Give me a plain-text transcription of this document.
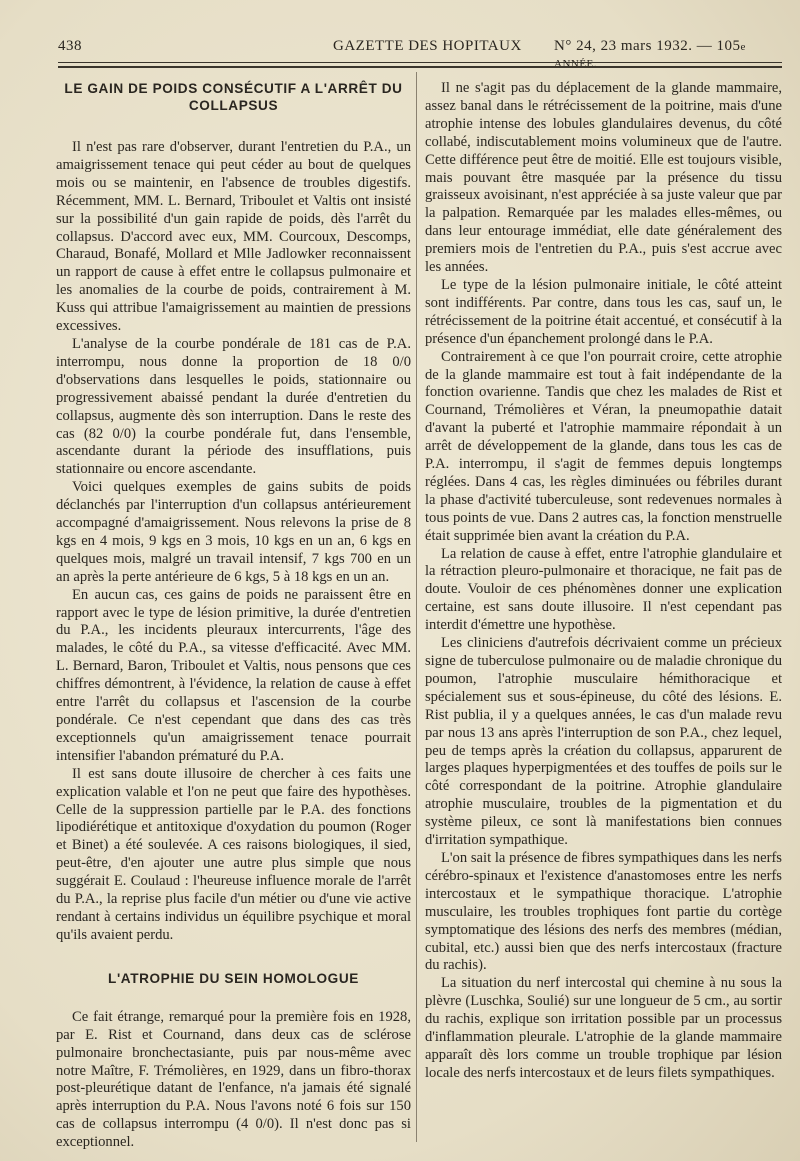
438	GAZETTE DES HOPITAUX N° 24, 23 mars 1932. — 105e ANNÉE.
LE GAIN DE POIDS CONSÉCUTIF A L'ARRÊT DU COLLAPSUS

Il n'est pas rare d'observer, durant l'entretien du P.A., un amaigrissement tenace qui peut céder au bout de quelques mois ou se maintenir, en l'absence de troubles digestifs. Récemment, MM. L. Bernard, Triboulet et Valtis ont insisté sur la possibilité d'un gain rapide de poids, dès l'arrêt du collapsus. D'accord avec eux, MM. Courcoux, Descomps, Charaud, Bonafé, Mollard et Mlle Jadlowker reconnaissent un rapport de cause à effet entre le collapsus pulmonaire et les anomalies de la courbe de poids, contrairement à M. Kuss qui attribue l'amaigrissement au maintien de pressions excessives.

L'analyse de la courbe pondérale de 181 cas de P.A. interrompu, nous donne la proportion de 18 0/0 d'observations dans lesquelles le poids, stationnaire ou progressivement abaissé pendant la durée d'entretien du collapsus, augmente dès son interruption. Dans le reste des cas (82 0/0) la courbe pondérale fut, dans l'ensemble, ascendante durant la période des insufflations, puis stationnaire ou encore ascendante.

Voici quelques exemples de gains subits de poids déclanchés par l'interruption d'un collapsus antérieurement accompagné d'amaigrissement. Nous relevons la prise de 8 kgs en 4 mois, 9 kgs en 3 mois, 10 kgs en un an, 6 kgs en quelques mois, malgré un travail intensif, 7 kgs 700 en un an après la perte antérieure de 6 kgs, 5 à 18 kgs en un an.

En aucun cas, ces gains de poids ne paraissent être en rapport avec le type de lésion primitive, la durée d'entretien du P.A., les incidents pleuraux intercurrents, l'âge des malades, le côté du P.A., sa vitesse d'efficacité. Avec MM. L. Bernard, Baron, Triboulet et Valtis, nous pensons que ces chiffres démontrent, à l'évidence, la relation de cause à effet entre l'arrêt du collapsus et l'ascension de la courbe pondérale. Ce n'est cependant que dans des cas très exceptionnels qu'un amaigrissement tenace pourrait intensifier l'abandon prématuré du P.A.

Il est sans doute illusoire de chercher à ces faits une explication valable et l'on ne peut que faire des hypothèses. Celle de la suppression partielle par le P.A. des fonctions lipodiérétique et antitoxique d'oxydation du poumon (Roger et Binet) a été soulevée. A ces raisons biologiques, il sied, peut-être, d'en ajouter une autre plus simple que nous suggérait E. Coulaud : l'heureuse influence morale de l'arrêt du P.A., la reprise plus facile d'un métier ou d'une vie active rendant à certains individus un équilibre psychique et moral qu'ils avaient perdu.

L'ATROPHIE DU SEIN HOMOLOGUE

Ce fait étrange, remarqué pour la première fois en 1928, par E. Rist et Cournand, dans deux cas de sclérose pulmonaire bronchectasiante, puis par nous-même avec notre Maître, F. Trémolières, en 1929, dans un fibro-thorax post-pleurétique datant de l'enfance, n'a jamais été signalé après interruption du P.A. Nous l'avons noté 6 fois sur 150 cas de collapsus interrompu (4 0/0). Il n'est donc pas si exceptionnel.

Il ne s'agit pas du déplacement de la glande mammaire, assez banal dans le rétrécissement de la poitrine, mais d'une atrophie intense des lobules glandulaires devenus, du côté collabé, indiscutablement moins volumineux que de l'autre. Cette différence peut être de moitié. Elle est toujours visible, mais pouvant être masquée par la présence du tissu graisseux avoisinant, n'est appréciée à sa juste valeur que par la palpation. Remarquée par les malades elles-mêmes, ou dans leur entourage immédiat, elle date généralement des premiers mois de l'entretien du P.A., puis s'est accrue avec les années.

Le type de la lésion pulmonaire initiale, le côté atteint sont indifférents. Par contre, dans tous les cas, sauf un, le rétrécissement de la poitrine était accentué, et consécutif à la présence d'un épanchement prolongé dans le P.A.

Contrairement à ce que l'on pourrait croire, cette atrophie de la glande mammaire est tout à fait indépendante de la fonction ovarienne. Tandis que chez les malades de Rist et Cournand, Trémolières et Véran, la pneumopathie datait d'avant la puberté et l'atrophie mammaire répondait à un arrêt de développement de la glande, dans tous les cas de P.A. interrompu, il s'agit de femmes depuis longtemps réglées. Dans 4 cas, les règles diminuées ou fébriles durant la phase d'activité tuberculeuse, sont redevenues normales à tous points de vue. Dans 2 autres cas, la fonction menstruelle était supprimée bien avant la création du P.A.

La relation de cause à effet, entre l'atrophie glandulaire et la rétraction pleuro-pulmonaire et thoracique, ne fait pas de doute. Vouloir de ces phénomènes donner une explication certaine, est sans doute illusoire. Il n'est cependant pas interdit d'émettre une hypothèse.

Les cliniciens d'autrefois décrivaient comme un précieux signe de tuberculose pulmonaire ou de maladie chronique du poumon, l'atrophie musculaire hémithoracique et spécialement sus et sous-épineuse, du côté des lésions. E. Rist publia, il y a quelques années, le cas d'un malade revu par nous 13 ans après l'interruption de son P.A., chez lequel, peu de temps après la création du collapsus, apparurent de larges plaques hyperpigmentées et des touffes de poils sur le côté correspondant de la poitrine. Atrophie glandulaire atrophie musculaire, troubles de la pigmentation et du système pileux, ce sont là manifestations bien connues d'irritation sympathique.

L'on sait la présence de fibres sympathiques dans les nerfs cérébro-spinaux et l'existence d'anastomoses entre les nerfs intercostaux et le sympathique thoracique. L'atrophie musculaire, les troubles trophiques font partie du cortège symptomatique des lésions des nerfs des membres (médian, cubital, etc.) aussi bien que des nerfs intercostaux (fracture du rachis).

La situation du nerf intercostal qui chemine à nu sous la plèvre (Luschka, Soulié) sur une longueur de 5 cm., au sortir du rachis, explique son irritation possible par un processus d'inflammation pleurale. L'atrophie de la glande mammaire apparaît dès lors comme un trouble trophique par lésion locale des nerfs intercostaux et de leurs filets sympathiques.
